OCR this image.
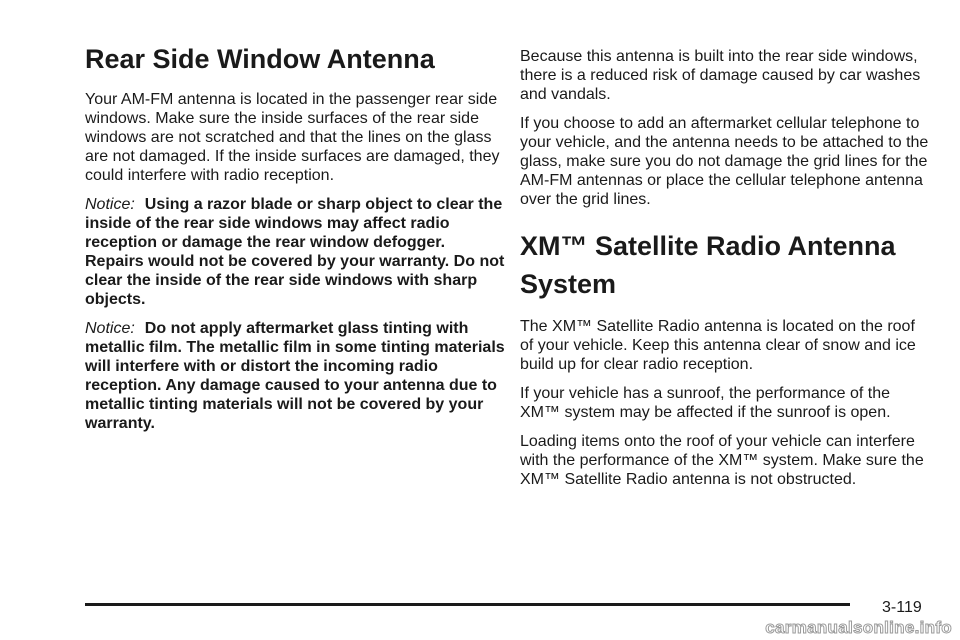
Rear Side Window Antenna

Your AM-FM antenna is located in the passenger rear side windows. Make sure the inside surfaces of the rear side windows are not scratched and that the lines on the glass are not damaged. If the inside surfaces are damaged, they could interfere with radio reception.

Notice: Using a razor blade or sharp object to clear the inside of the rear side windows may affect radio reception or damage the rear window defogger. Repairs would not be covered by your warranty. Do not clear the inside of the rear side windows with sharp objects.

Notice: Do not apply aftermarket glass tinting with metallic film. The metallic film in some tinting materials will interfere with or distort the incoming radio reception. Any damage caused to your antenna due to metallic tinting materials will not be covered by your warranty.

Because this antenna is built into the rear side windows, there is a reduced risk of damage caused by car washes and vandals.

If you choose to add an aftermarket cellular telephone to your vehicle, and the antenna needs to be attached to the glass, make sure you do not damage the grid lines for the AM-FM antennas or place the cellular telephone antenna over the grid lines.

XM™ Satellite Radio Antenna System

The XM™ Satellite Radio antenna is located on the roof of your vehicle. Keep this antenna clear of snow and ice build up for clear radio reception.

If your vehicle has a sunroof, the performance of the XM™ system may be affected if the sunroof is open.

Loading items onto the roof of your vehicle can interfere with the performance of the XM™ system. Make sure the XM™ Satellite Radio antenna is not obstructed.

3-119
carmanualsonline.info
